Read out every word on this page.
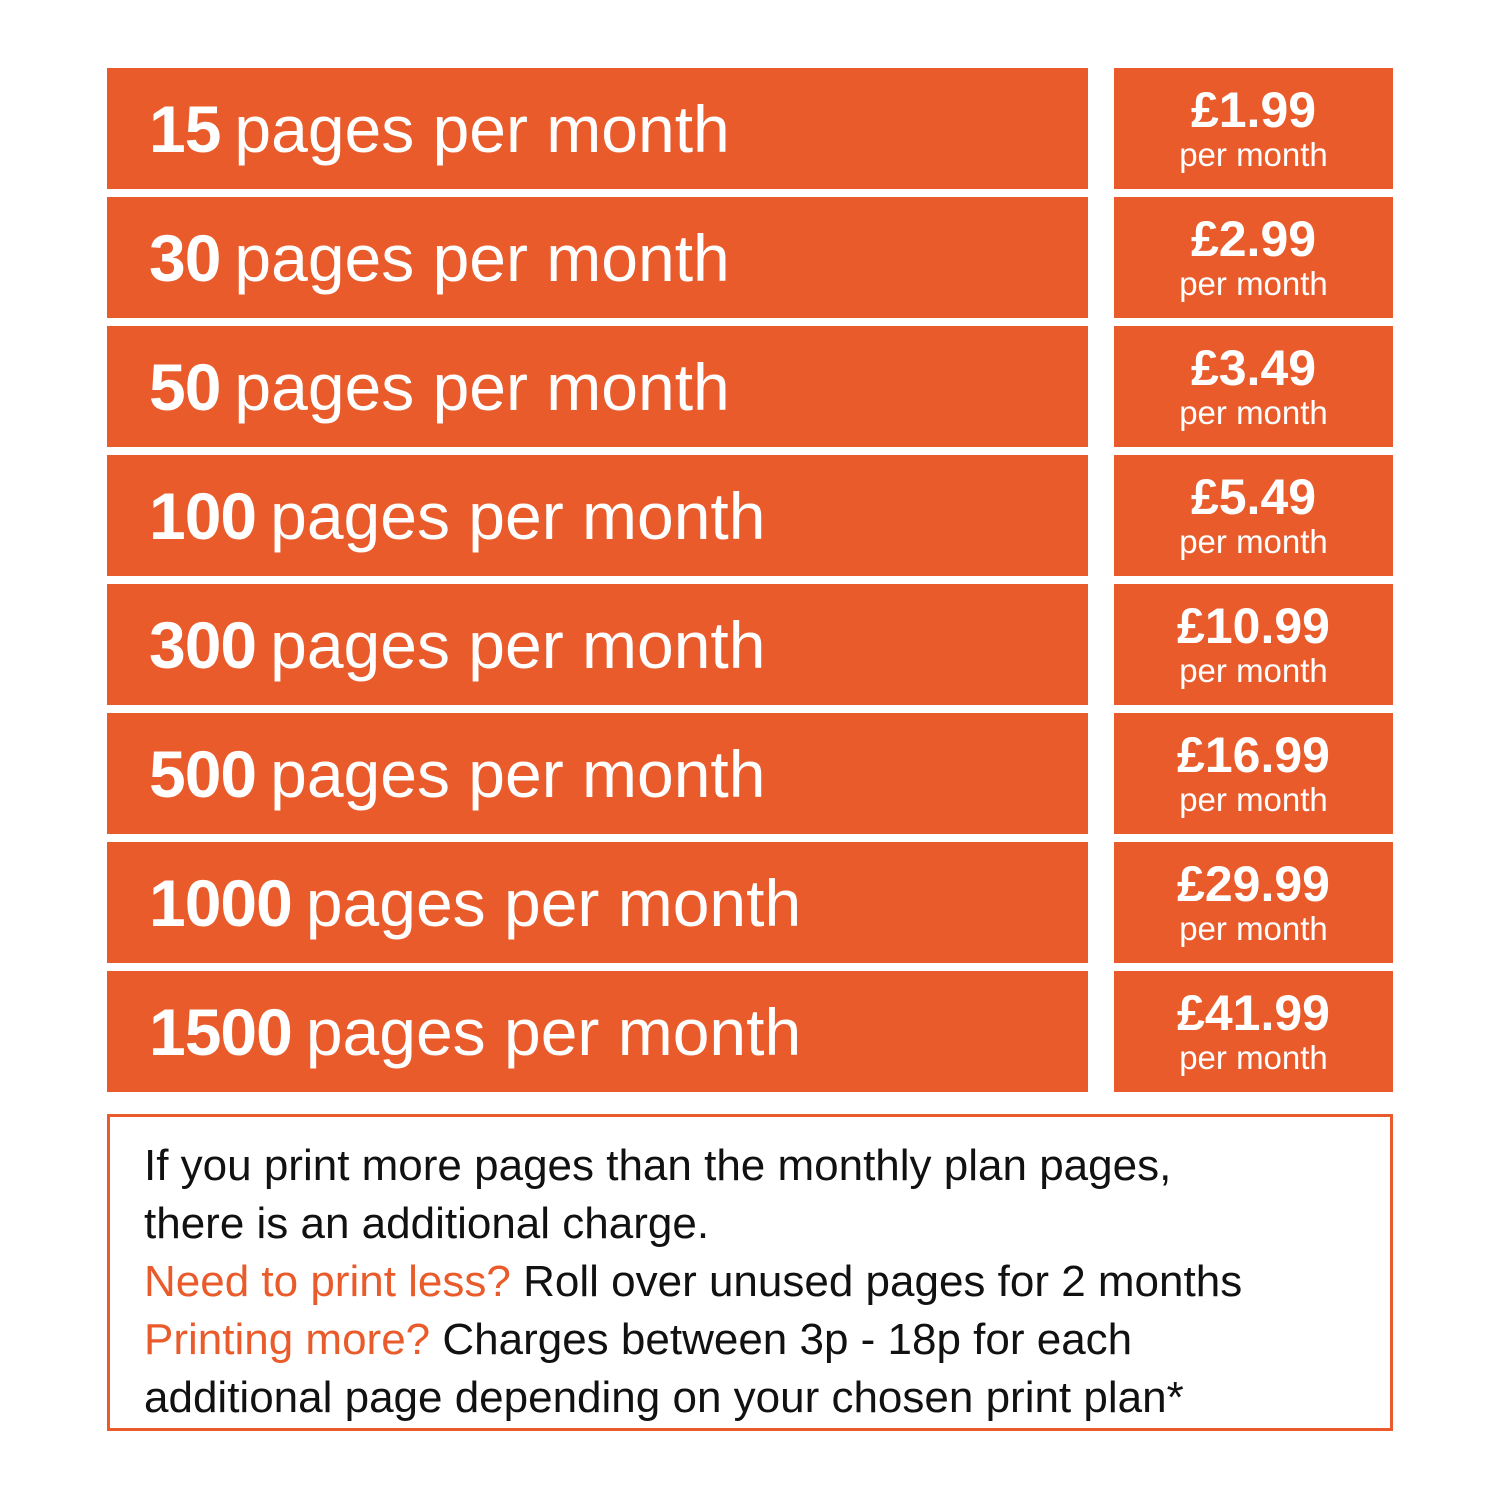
15 pages per month	£1.99
per month
30 pages per month	£2.99
per month
50 pages per month	£3.49
per month
100 pages per month	£5.49
per month
300 pages per month	£10.99
per month
500 pages per month	£16.99
per month
1000 pages per month	£29.99
per month
1500 pages per month	£41.99
per month

If you print more pages than the monthly plan pages,

there is an additional charge.

Need to print less? Roll over unused pages for 2 months

Printing more? Charges between 3p - 18p for each

additional page depending on your chosen print plan*
